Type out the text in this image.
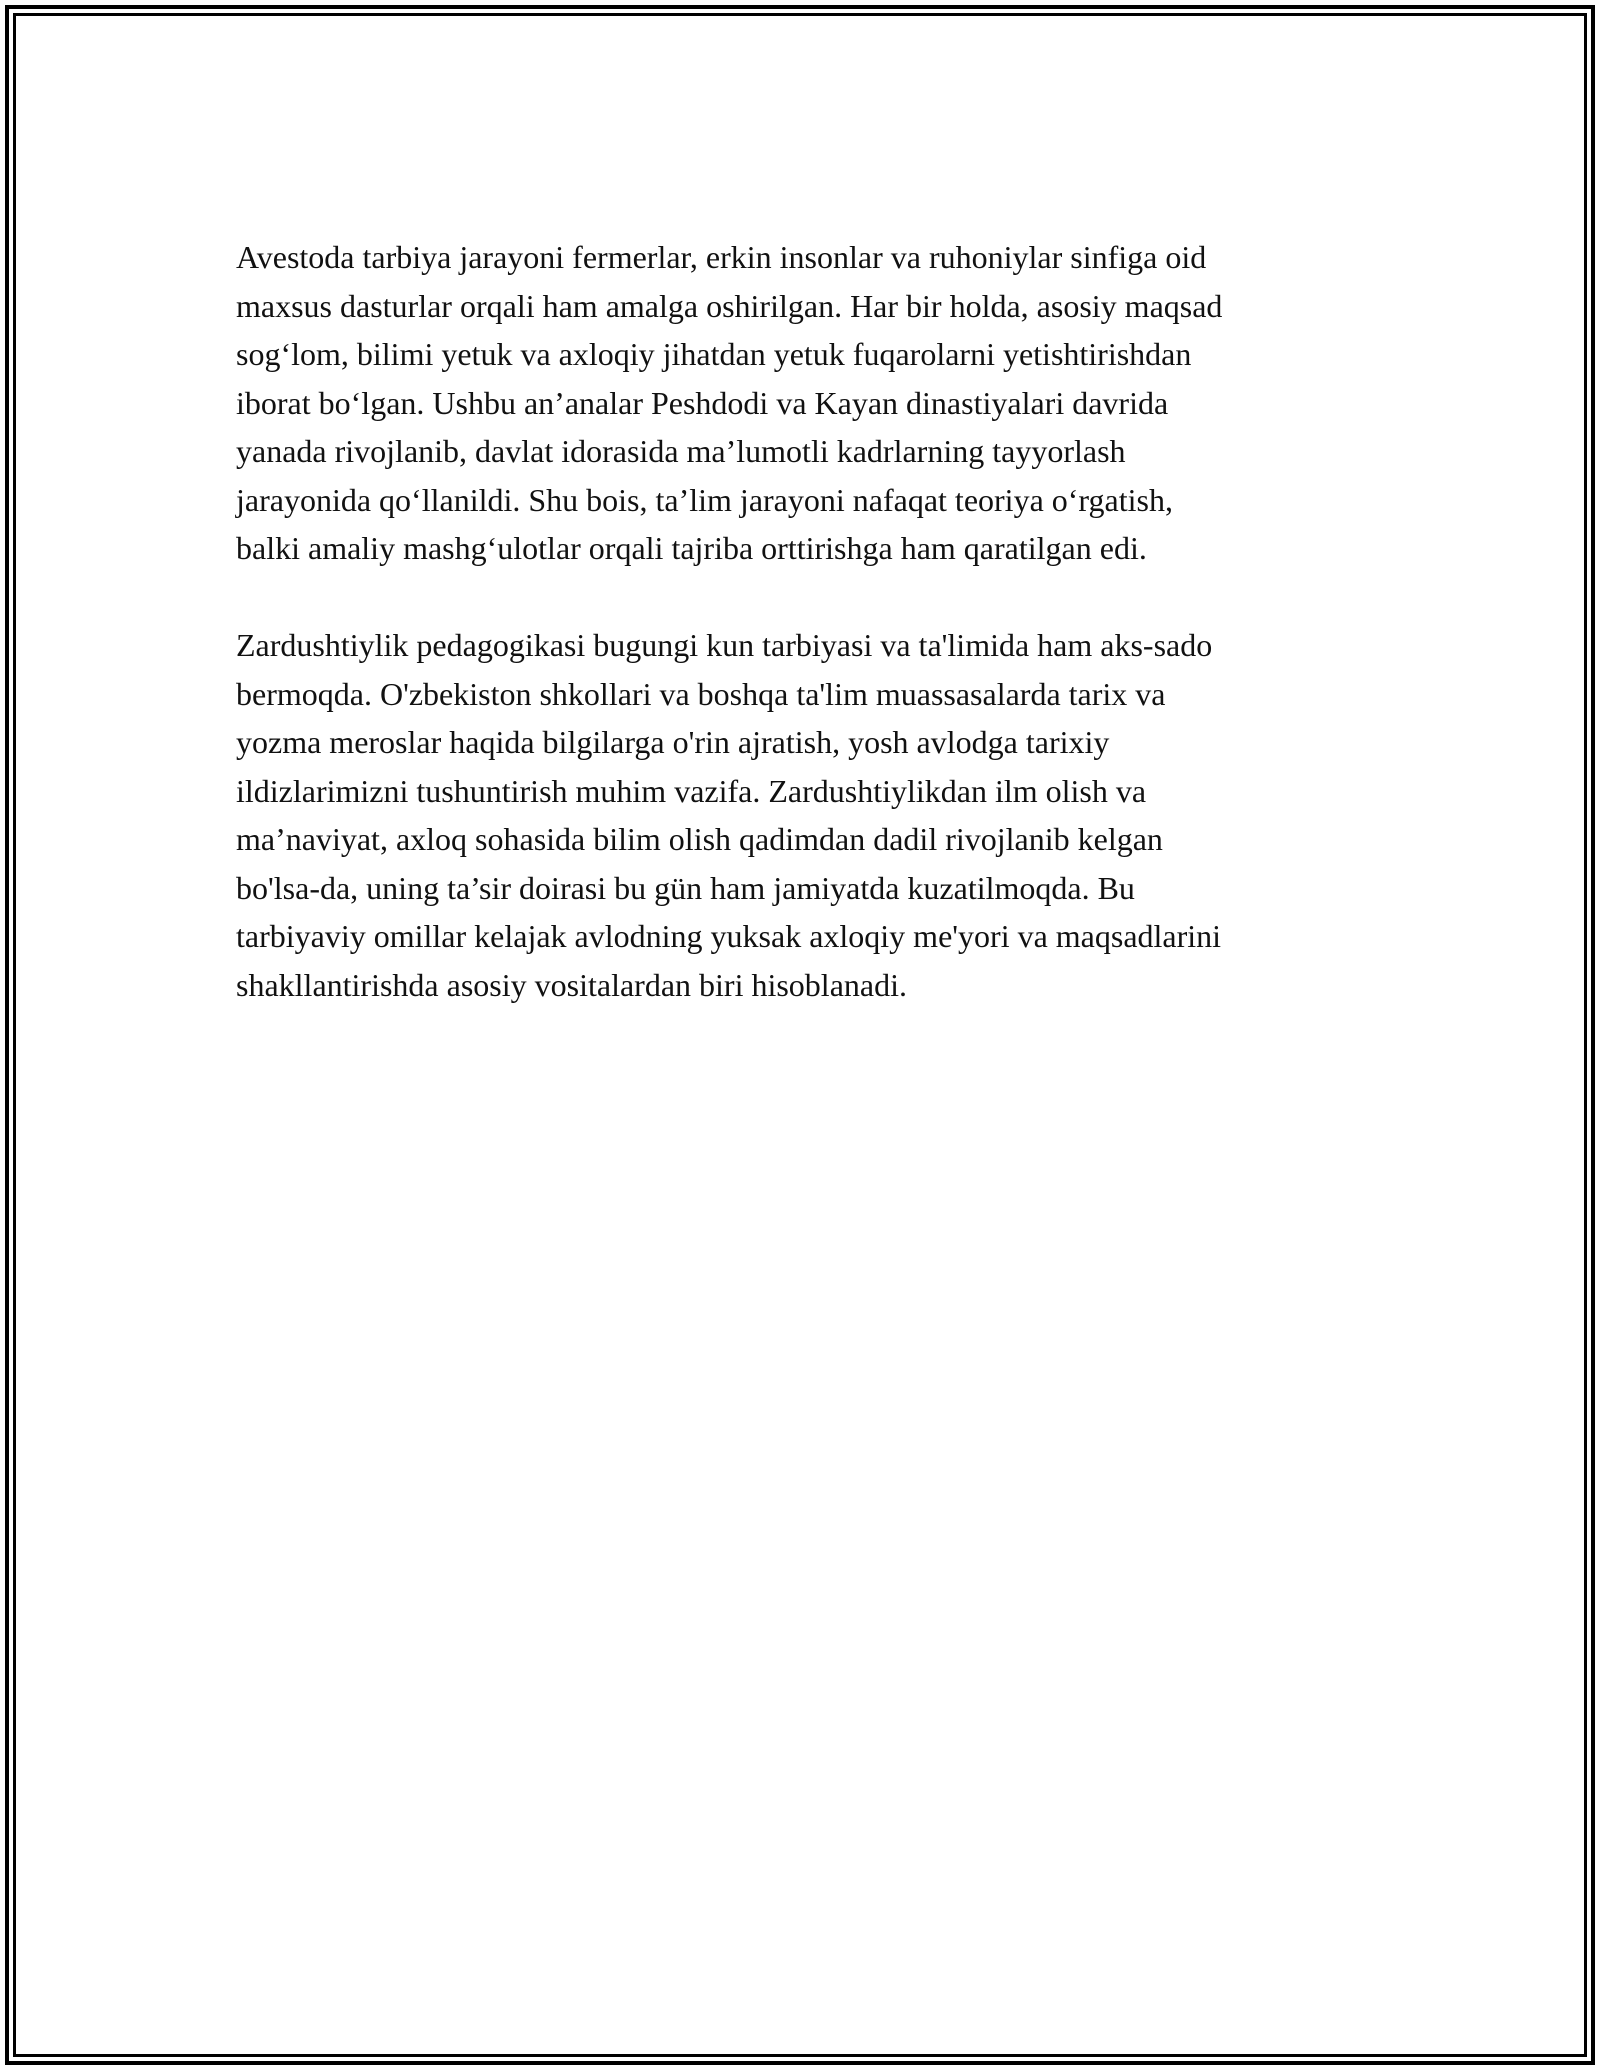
Avestoda tarbiya jarayoni fermerlar, erkin insonlar va ruhoniylar sinfiga oid
maxsus dasturlar orqali ham amalga oshirilgan. Har bir holda, asosiy maqsad
sog‘lom, bilimi yetuk va axloqiy jihatdan yetuk fuqarolarni yetishtirishdan
iborat bo‘lgan. Ushbu an’analar Peshdodi va Kayan dinastiyalari davrida
yanada rivojlanib, davlat idorasida ma’lumotli kadrlarning tayyorlash
jarayonida qo‘llanildi. Shu bois, ta’lim jarayoni nafaqat teoriya o‘rgatish,
balki amaliy mashg‘ulotlar orqali tajriba orttirishga ham qaratilgan edi.

Zardushtiylik pedagogikasi bugungi kun tarbiyasi va ta'limida ham aks-sado
bermoqda. O'zbekiston shkollari va boshqa ta'lim muassasalarda tarix va
yozma meroslar haqida bilgilarga o'rin ajratish, yosh avlodga tarixiy
ildizlarimizni tushuntirish muhim vazifa. Zardushtiylikdan ilm olish va
ma’naviyat, axloq sohasida bilim olish qadimdan dadil rivojlanib kelgan
bo'lsa-da, uning ta’sir doirasi bu gün ham jamiyatda kuzatilmoqda. Bu
tarbiyaviy omillar kelajak avlodning yuksak axloqiy me'yori va maqsadlarini
shakllantirishda asosiy vositalardan biri hisoblanadi.
